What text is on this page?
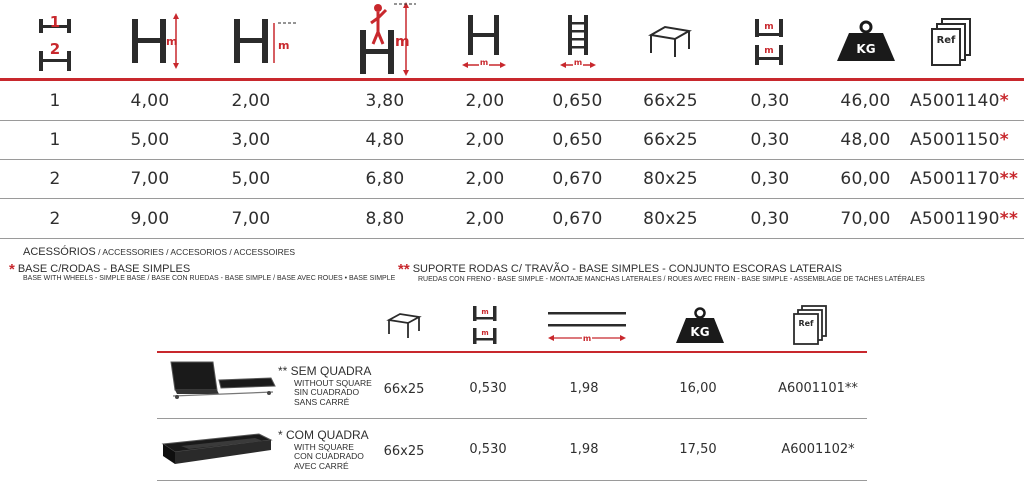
1
2	m	m	m
m	m
m
m	KG
Ref
1	4,00	2,00	3,80	2,00	0,650	66x25	0,30	46,00	A5001140*
1	5,00	3,00	4,80	2,00	0,650	66x25	0,30	48,00	A5001150*
2	7,00	5,00	6,80	2,00	0,670	80x25	0,30	60,00	A5001170**
2	9,00	7,00	8,80	2,00	0,670	80x25	0,30	70,00	A5001190**
ACESSÓRIOS / ACCESSORIES / ACCESORIOS / ACCESSOIRES
* BASE C/RODAS - BASE SIMPLES
BASE WITH WHEELS - SIMPLE BASE / BASE CON RUEDAS - BASE SIMPLE / BASE AVEC ROUES • BASE SIMPLE
** SUPORTE RODAS C/ TRAVÃO - BASE SIMPLES - CONJUNTO ESCORAS LATERAIS
RUEDAS CON FRENO - BASE SIMPLE - MONTAJE MANCHAS LATERALES / ROUES AVEC FREIN - BASE SIMPLE - ASSEMBLAGE DE TACHES LATÉRALES
m
m
m	KG
Ref
** SEM QUADRA
WITHOUT SQUARE
SIN CUADRADO
SANS CARRÉ
66x25	0,530	1,98	16,00	A6001101**
* COM QUADRA
WITH SQUARE
CON CUADRADO
AVEC CARRÉ
66x25	0,530	1,98	17,50	A6001102*
